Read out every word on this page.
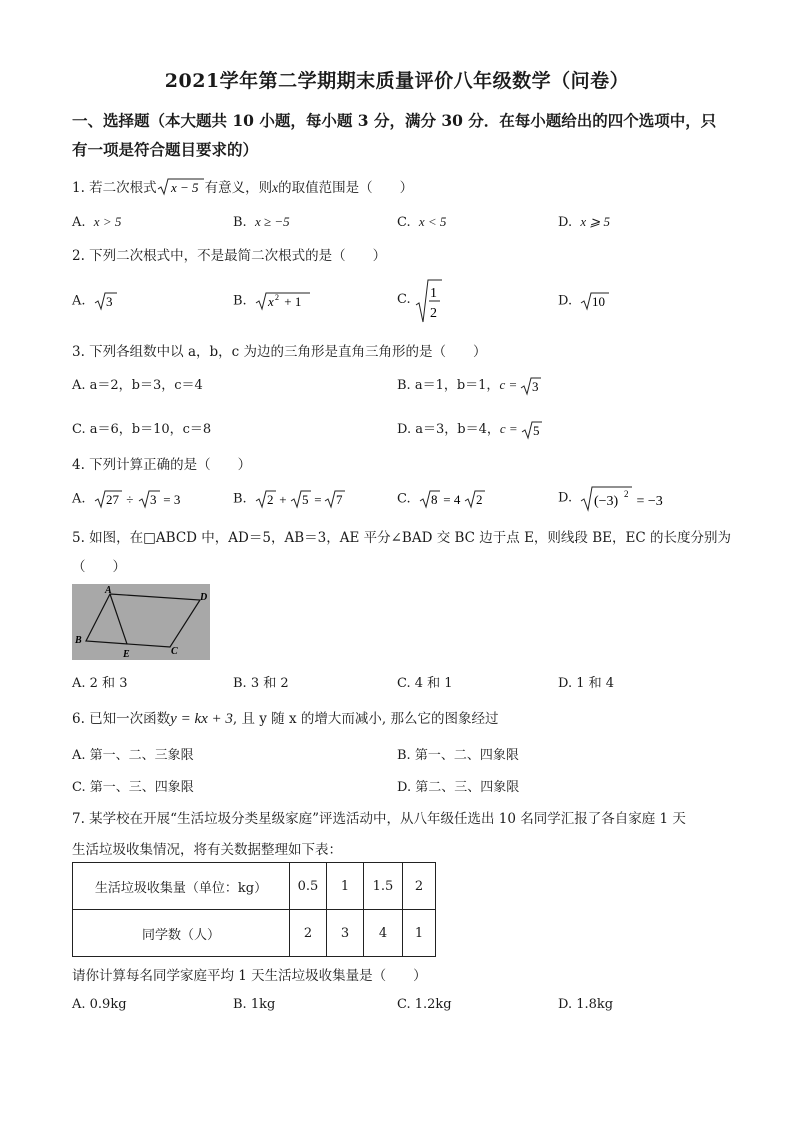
2021学年第二学期期末质量评价八年级数学（问卷）
一、选择题（本大题共 10 小题，每小题 3 分，满分 30 分．在每小题给出的四个选项中，只
有一项是符合题目要求的）
1. 若二次根式 x − 5 有意义，则x的取值范围是（　　）
A. x > 5	B. x ≥ −5	C. x < 5	D. x ⩾ 5
2. 下列二次根式中，不是最简二次根式的是（　　）
A. 3	B. x 2 + 1	C. 1
2
D. 10
3. 下列各组数中以 a，b，c 为边的三角形是直角三角形的是（　　）
A. a＝2，b＝3，c＝4	B. a＝1，b＝1，c = 3
C. a＝6，b＝10，c＝8	D. a＝3，b＝4，c = 5
4. 下列计算正确的是（　　）
A. 27 ÷ 3 = 3	B. 2 + 5 = 7	C. 8 = 4 2	D. (−3) 2 = −3
5. 如图，在□ABCD 中，AD＝5，AB＝3，AE 平分∠BAD 交 BC 边于点 E，则线段 BE，EC 的长度分别为
（　　）
A
D
B
C
E
A. 2 和 3	B. 3 和 2	C. 4 和 1	D. 1 和 4
6. 已知一次函数y = kx + 3, 且 y 随 x 的增大而减小, 那么它的图象经过
A. 第一、二、三象限	B. 第一、二、四象限
C. 第一、三、四象限	D. 第二、三、四象限
7. 某学校在开展“生活垃圾分类星级家庭”评选活动中，从八年级任选出 10 名同学汇报了各自家庭 1 天
生活垃圾收集情况，将有关数据整理如下表：
生活垃圾收集量（单位：kg）	0.5	1	1.5	2
同学数（人）	2	3	4	1
请你计算每名同学家庭平均 1 天生活垃圾收集量是（　　）
A. 0.9kg	B. 1kg	C. 1.2kg	D. 1.8kg
